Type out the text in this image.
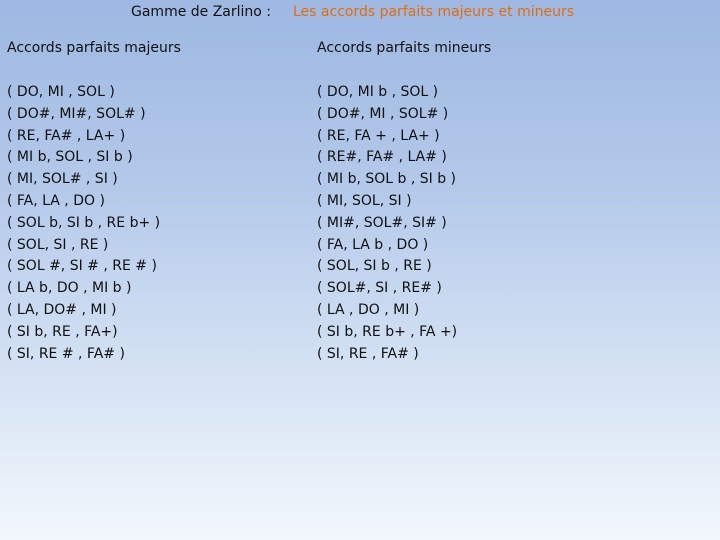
Gamme de Zarlino : Les accords parfaits majeurs et mineurs
Accords parfaits majeurs	Accords parfaits mineurs
( DO, MI , SOL )
( DO#, MI#, SOL# )
( RE, FA# , LA+ )
( MI b, SOL , SI b )
( MI, SOL# , SI )
( FA, LA , DO )
( SOL b, SI b , RE b+ )
( SOL, SI , RE )
( SOL #, SI # , RE # )
( LA b, DO , MI b )
( LA, DO# , MI )
( SI b, RE , FA+)
( SI, RE # , FA# )
( DO, MI b , SOL )
( DO#, MI , SOL# )
( RE, FA + , LA+ )
( RE#, FA# , LA# )
( MI b, SOL b , SI b )
( MI, SOL, SI )
( MI#, SOL#, SI# )
( FA, LA b , DO )
( SOL, SI b , RE )
( SOL#, SI , RE# )
( LA , DO , MI )
( SI b, RE b+ , FA +)
( SI, RE , FA# )
